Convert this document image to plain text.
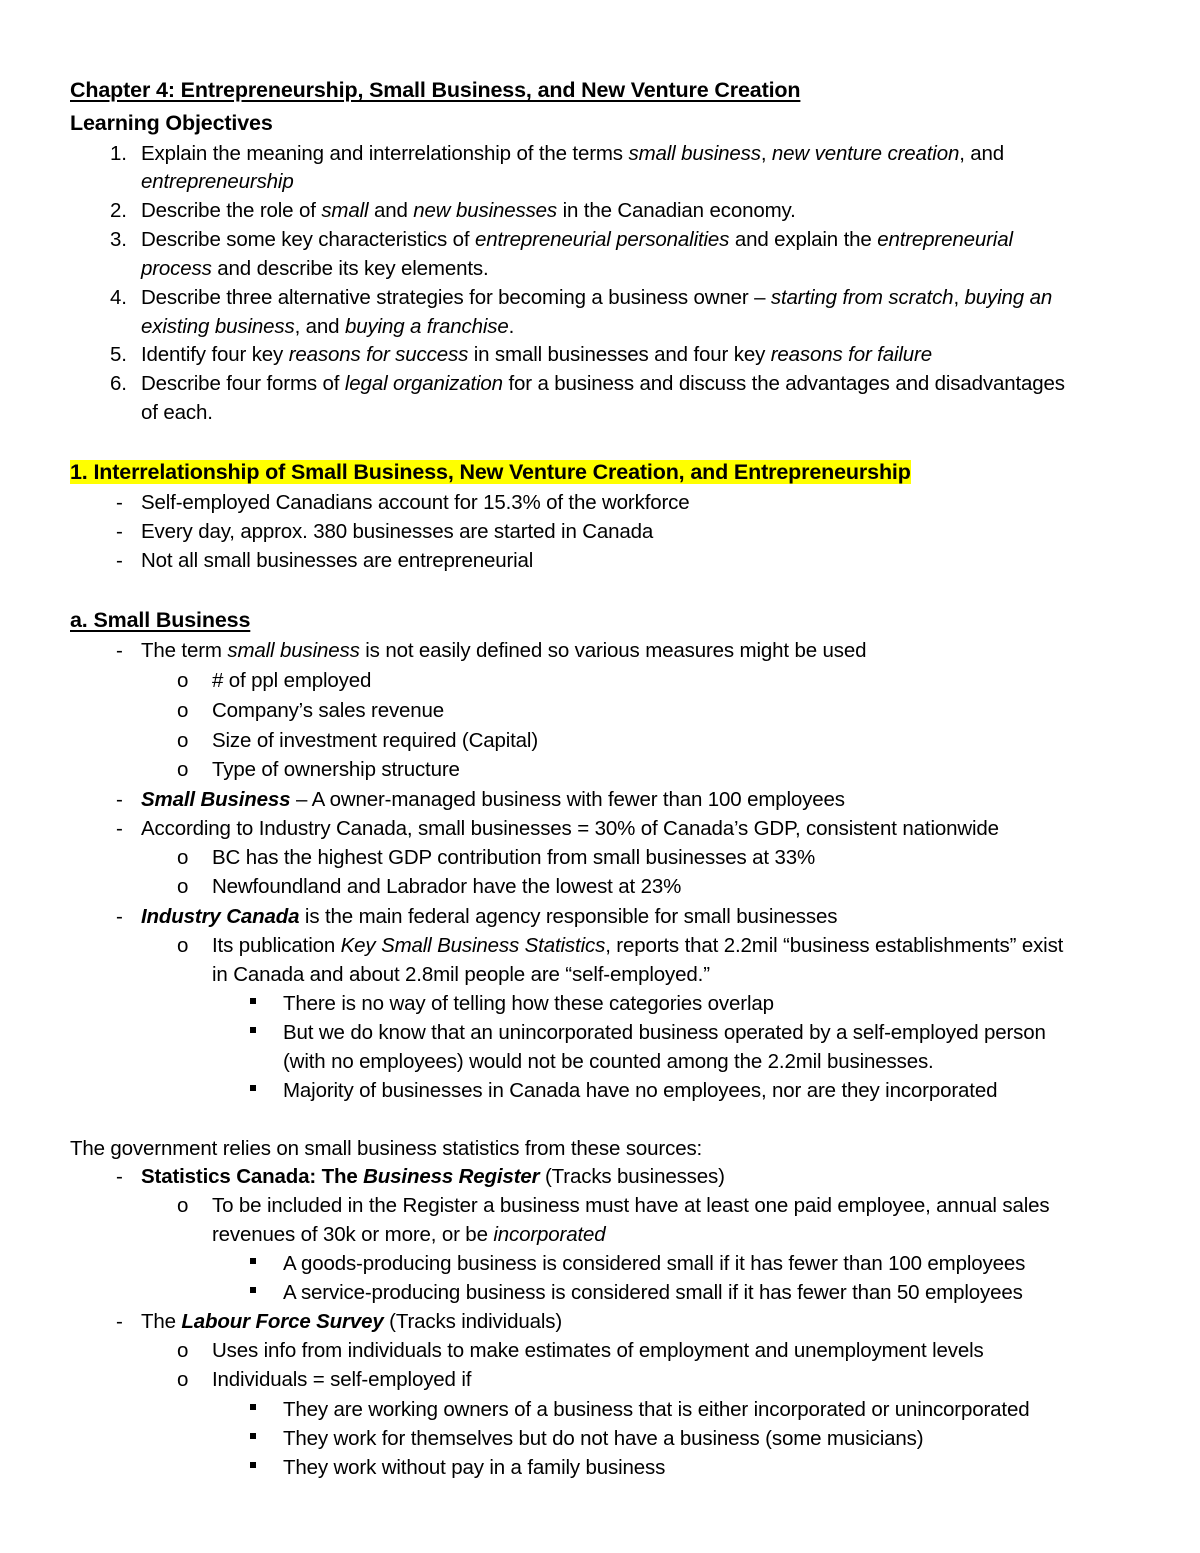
Chapter 4: Entrepreneurship, Small Business, and New Venture Creation
Learning Objectives
1. Explain the meaning and interrelationship of the terms small business, new venture creation, and
entrepreneurship
2. Describe the role of small and new businesses in the Canadian economy.
3. Describe some key characteristics of entrepreneurial personalities and explain the entrepreneurial
process and describe its key elements.
4. Describe three alternative strategies for becoming a business owner – starting from scratch, buying an
existing business, and buying a franchise.
5. Identify four key reasons for success in small businesses and four key reasons for failure
6. Describe four forms of legal organization for a business and discuss the advantages and disadvantages
of each.
1. Interrelationship of Small Business, New Venture Creation, and Entrepreneurship
- Self-employed Canadians account for 15.3% of the workforce
- Every day, approx. 380 businesses are started in Canada
- Not all small businesses are entrepreneurial
a. Small Business
- The term small business is not easily defined so various measures might be used
o # of ppl employed
o Company’s sales revenue
o Size of investment required (Capital)
o Type of ownership structure
- Small Business – A owner-managed business with fewer than 100 employees
- According to Industry Canada, small businesses = 30% of Canada’s GDP, consistent nationwide
o BC has the highest GDP contribution from small businesses at 33%
o Newfoundland and Labrador have the lowest at 23%
- Industry Canada is the main federal agency responsible for small businesses
o Its publication Key Small Business Statistics, reports that 2.2mil “business establishments” exist
in Canada and about 2.8mil people are “self-employed.”
There is no way of telling how these categories overlap
But we do know that an unincorporated business operated by a self-employed person
(with no employees) would not be counted among the 2.2mil businesses.
Majority of businesses in Canada have no employees, nor are they incorporated
The government relies on small business statistics from these sources:
- Statistics Canada: The Business Register (Tracks businesses)
o To be included in the Register a business must have at least one paid employee, annual sales
revenues of 30k or more, or be incorporated
A goods-producing business is considered small if it has fewer than 100 employees
A service-producing business is considered small if it has fewer than 50 employees
- The Labour Force Survey (Tracks individuals)
o Uses info from individuals to make estimates of employment and unemployment levels
o Individuals = self-employed if
They are working owners of a business that is either incorporated or unincorporated
They work for themselves but do not have a business (some musicians)
They work without pay in a family business
